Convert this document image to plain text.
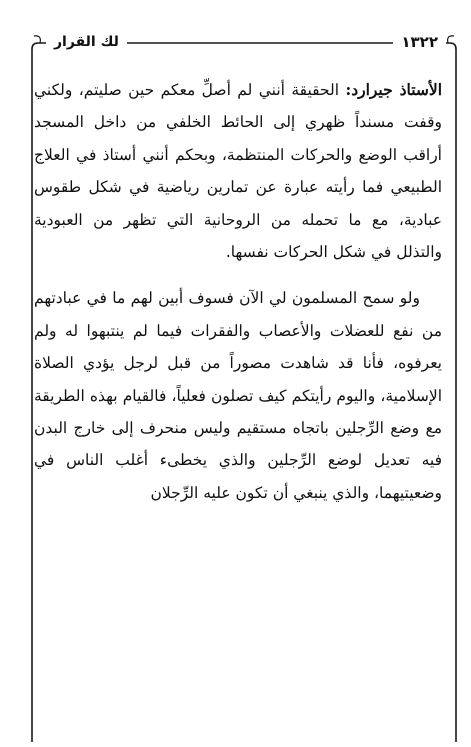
١٣٢٢
لك القرار

الأستاذ جيرارد: الحقيقة أنني لم أصلِّ معكم حين صليتم، ولكني وقفت مسنداً ظهري إلى الحائط الخلفي من داخل المسجد أراقب الوضع والحركات المنتظمة، وبحكم أنني أستاذ في العلاج الطبيعي فما رأيته عبارة عن تمارين رياضية في شكل طقوس عبادية، مع ما تحمله من الروحانية التي تظهر من العبودية والتذلل في شكل الحركات نفسها.

ولو سمح المسلمون لي الآن فسوف أبين لهم ما في عبادتهم من نفع للعضلات والأعصاب والفقرات فيما لم ينتبهوا له ولم يعرفوه، فأنا قد شاهدت مصوراً من قبل لرجل يؤدي الصلاة الإسلامية، واليوم رأيتكم كيف تصلون فعلياً، فالقيام بهذه الطريقة مع وضع الرِّجلين باتجاه مستقيم وليس منحرف إلى خارج البدن فيه تعديل لوضع الرِّجلين والذي يخطىء أغلب الناس في وضعيتيهما، والذي ينبغي أن تكون عليه الرِّجلان
